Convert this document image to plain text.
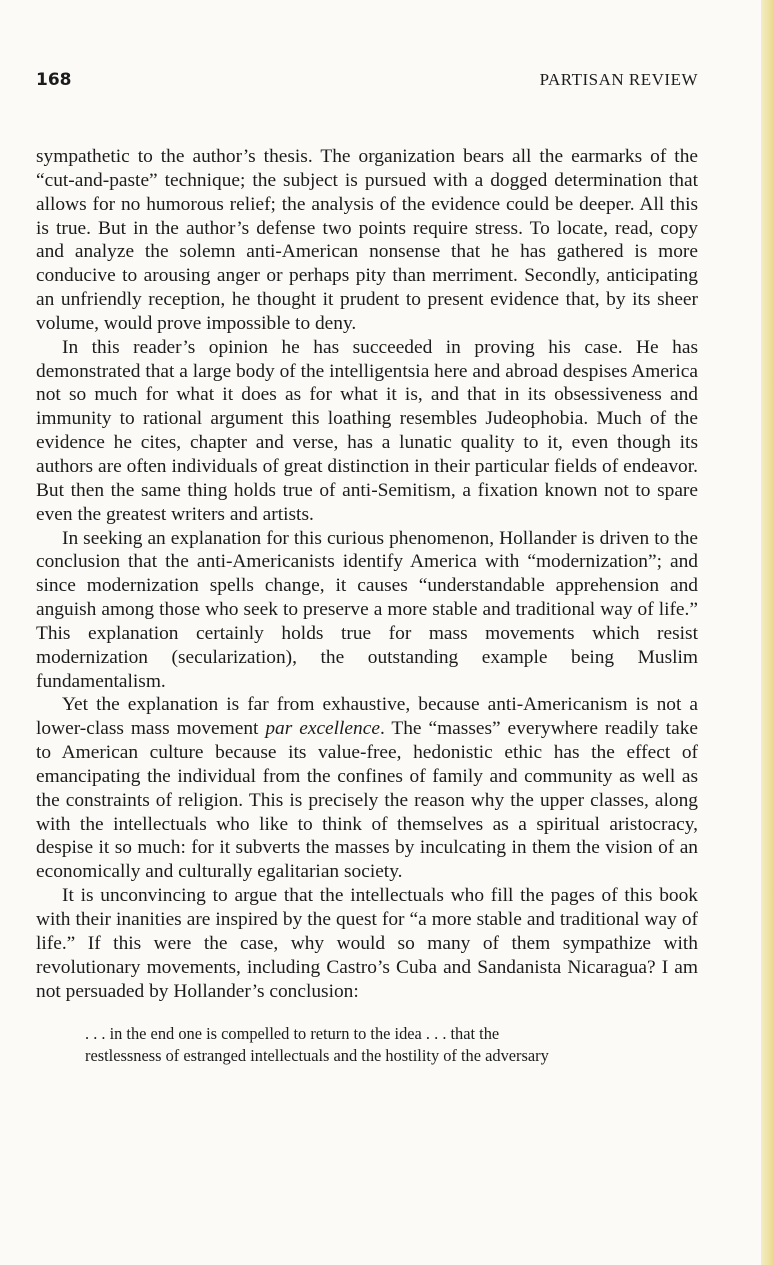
168	PARTISAN REVIEW

sympathetic to the author’s thesis. The organization bears all the earmarks of the “cut-and-paste” technique; the subject is pursued with a dogged determination that allows for no humorous relief; the analysis of the evidence could be deeper. All this is true. But in the author’s defense two points require stress. To locate, read, copy and analyze the solemn anti-American nonsense that he has gathered is more conducive to arousing anger or perhaps pity than merriment. Secondly, anticipating an unfriendly reception, he thought it prudent to present evidence that, by its sheer volume, would prove impossible to deny.

In this reader’s opinion he has succeeded in proving his case. He has demonstrated that a large body of the intelligentsia here and abroad despises America not so much for what it does as for what it is, and that in its obsessiveness and immunity to rational argument this loathing resembles Judeophobia. Much of the evidence he cites, chapter and verse, has a lunatic quality to it, even though its authors are often individuals of great distinction in their particular fields of endeavor. But then the same thing holds true of anti-Semitism, a fixation known not to spare even the greatest writers and artists.

In seeking an explanation for this curious phenomenon, Hollander is driven to the conclusion that the anti-Americanists identify America with “modernization”; and since modernization spells change, it causes “understandable apprehension and anguish among those who seek to preserve a more stable and traditional way of life.” This explanation certainly holds true for mass movements which resist modernization (secularization), the outstanding example being Muslim fundamentalism.

Yet the explanation is far from exhaustive, because anti-Americanism is not a lower-class mass movement par excellence. The “masses” everywhere readily take to American culture because its value-free, hedonistic ethic has the effect of emancipating the individual from the confines of family and community as well as the constraints of religion. This is precisely the reason why the upper classes, along with the intellectuals who like to think of themselves as a spiritual aristocracy, despise it so much: for it subverts the masses by inculcating in them the vision of an economically and culturally egalitarian society.

It is unconvincing to argue that the intellectuals who fill the pages of this book with their inanities are inspired by the quest for “a more stable and traditional way of life.” If this were the case, why would so many of them sympathize with revolutionary movements, including Castro’s Cuba and Sandanista Nicaragua? I am not persuaded by Hollander’s conclusion:

. . . in the end one is compelled to return to the idea . . . that the

restlessness of estranged intellectuals and the hostility of the adversary
